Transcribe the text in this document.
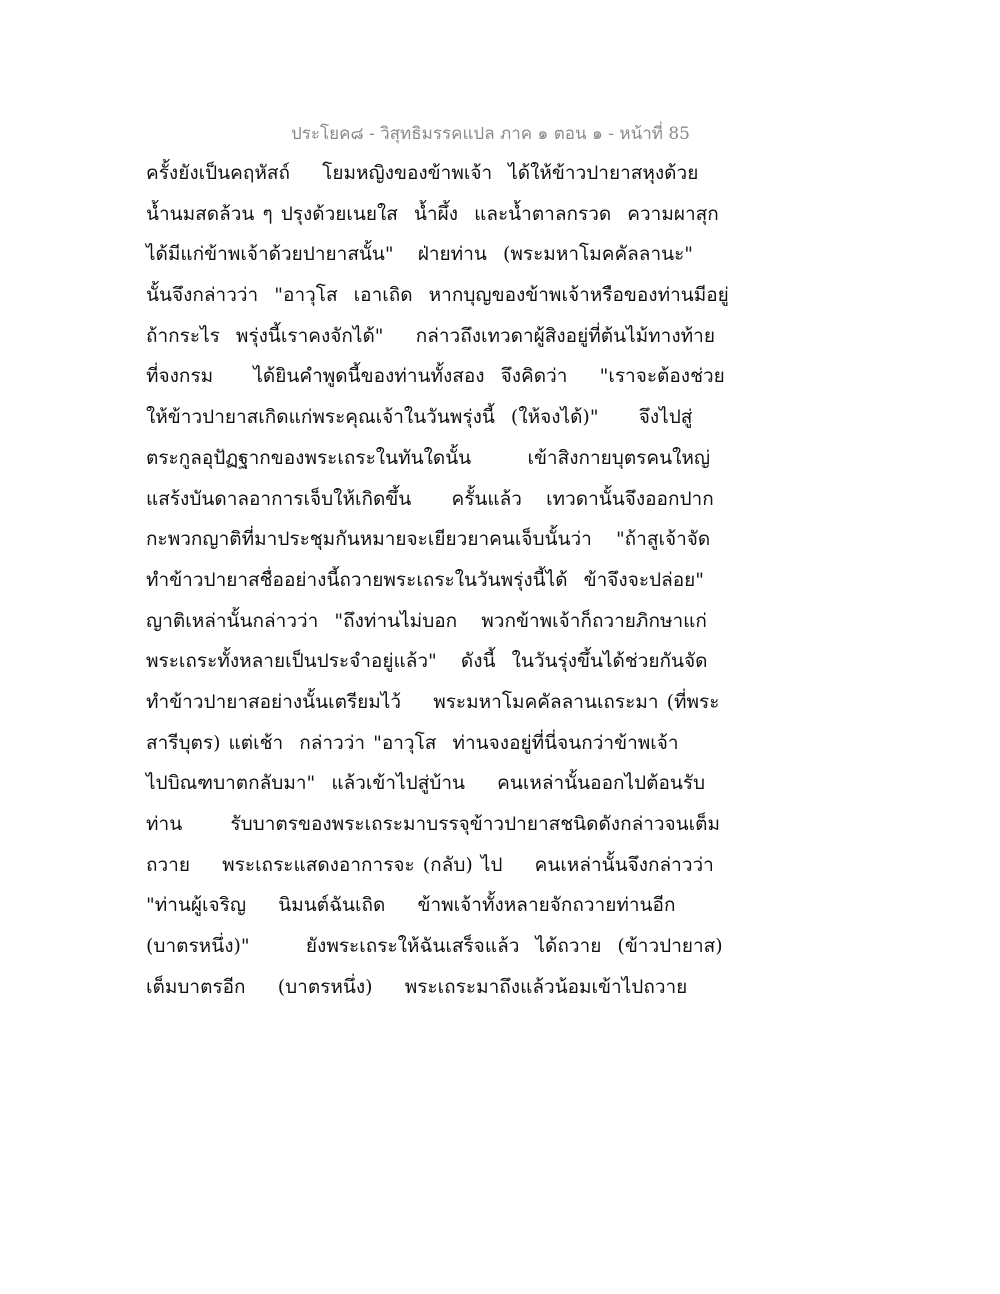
ประโยค๘ - วิสุทธิมรรคแปล ภาค ๑ ตอน ๑ - หน้าที่ 85
ครั้งยังเป็นคฤหัสถ์    โยมหญิงของข้าพเจ้า  ได้ให้ข้าวปายาสหุงด้วย
น้ำนมสดล้วน ๆ ปรุงด้วยเนยใส  น้ำผึ้ง  และน้ำตาลกรวด  ความผาสุก
ได้มีแก่ข้าพเจ้าด้วยปายาสนั้น"   ฝ่ายท่าน  (พระมหาโมคคัลลานะ"
นั้นจึงกล่าวว่า  "อาวุโส  เอาเถิด  หากบุญของข้าพเจ้าหรือของท่านมีอยู่
ถ้ากระไร  พรุ่งนี้เราคงจักได้"    กล่าวถึงเทวดาผู้สิงอยู่ที่ต้นไม้ทางท้าย
ที่จงกรม     ได้ยินคำพูดนี้ของท่านทั้งสอง  จึงคิดว่า    "เราจะต้องช่วย
ให้ข้าวปายาสเกิดแก่พระคุณเจ้าในวันพรุ่งนี้  (ให้จงได้)"     จึงไปสู่
ตระกูลอุปัฏฐากของพระเถระในทันใดนั้น       เข้าสิงกายบุตรคนใหญ่
แสร้งบันดาลอาการเจ็บให้เกิดขึ้น     ครั้นแล้ว   เทวดานั้นจึงออกปาก
กะพวกญาติที่มาประชุมกันหมายจะเยียวยาคนเจ็บนั้นว่า   "ถ้าสูเจ้าจัด
ทำข้าวปายาสชื่ออย่างนี้ถวายพระเถระในวันพรุ่งนี้ได้  ข้าจึงจะปล่อย"
ญาติเหล่านั้นกล่าวว่า  "ถึงท่านไม่บอก   พวกข้าพเจ้าก็ถวายภิกษาแก่
พระเถระทั้งหลายเป็นประจำอยู่แล้ว"   ดังนี้  ในวันรุ่งขึ้นได้ช่วยกันจัด
ทำข้าวปายาสอย่างนั้นเตรียมไว้    พระมหาโมคคัลลานเถระมา (ที่พระ
สารีบุตร) แต่เช้า  กล่าวว่า "อาวุโส  ท่านจงอยู่ที่นี่จนกว่าข้าพเจ้า
ไปบิณฑบาตกลับมา"  แล้วเข้าไปสู่บ้าน    คนเหล่านั้นออกไปต้อนรับ
ท่าน      รับบาตรของพระเถระมาบรรจุข้าวปายาสชนิดดังกล่าวจนเต็ม
ถวาย    พระเถระแสดงอาการจะ (กลับ) ไป    คนเหล่านั้นจึงกล่าวว่า
"ท่านผู้เจริญ    นิมนต์ฉันเถิด    ข้าพเจ้าทั้งหลายจักถวายท่านอีก
(บาตรหนึ่ง)"       ยังพระเถระให้ฉันเสร็จแล้ว  ได้ถวาย  (ข้าวปายาส)
เต็มบาตรอีก    (บาตรหนึ่ง)    พระเถระมาถึงแล้วน้อมเข้าไปถวาย
